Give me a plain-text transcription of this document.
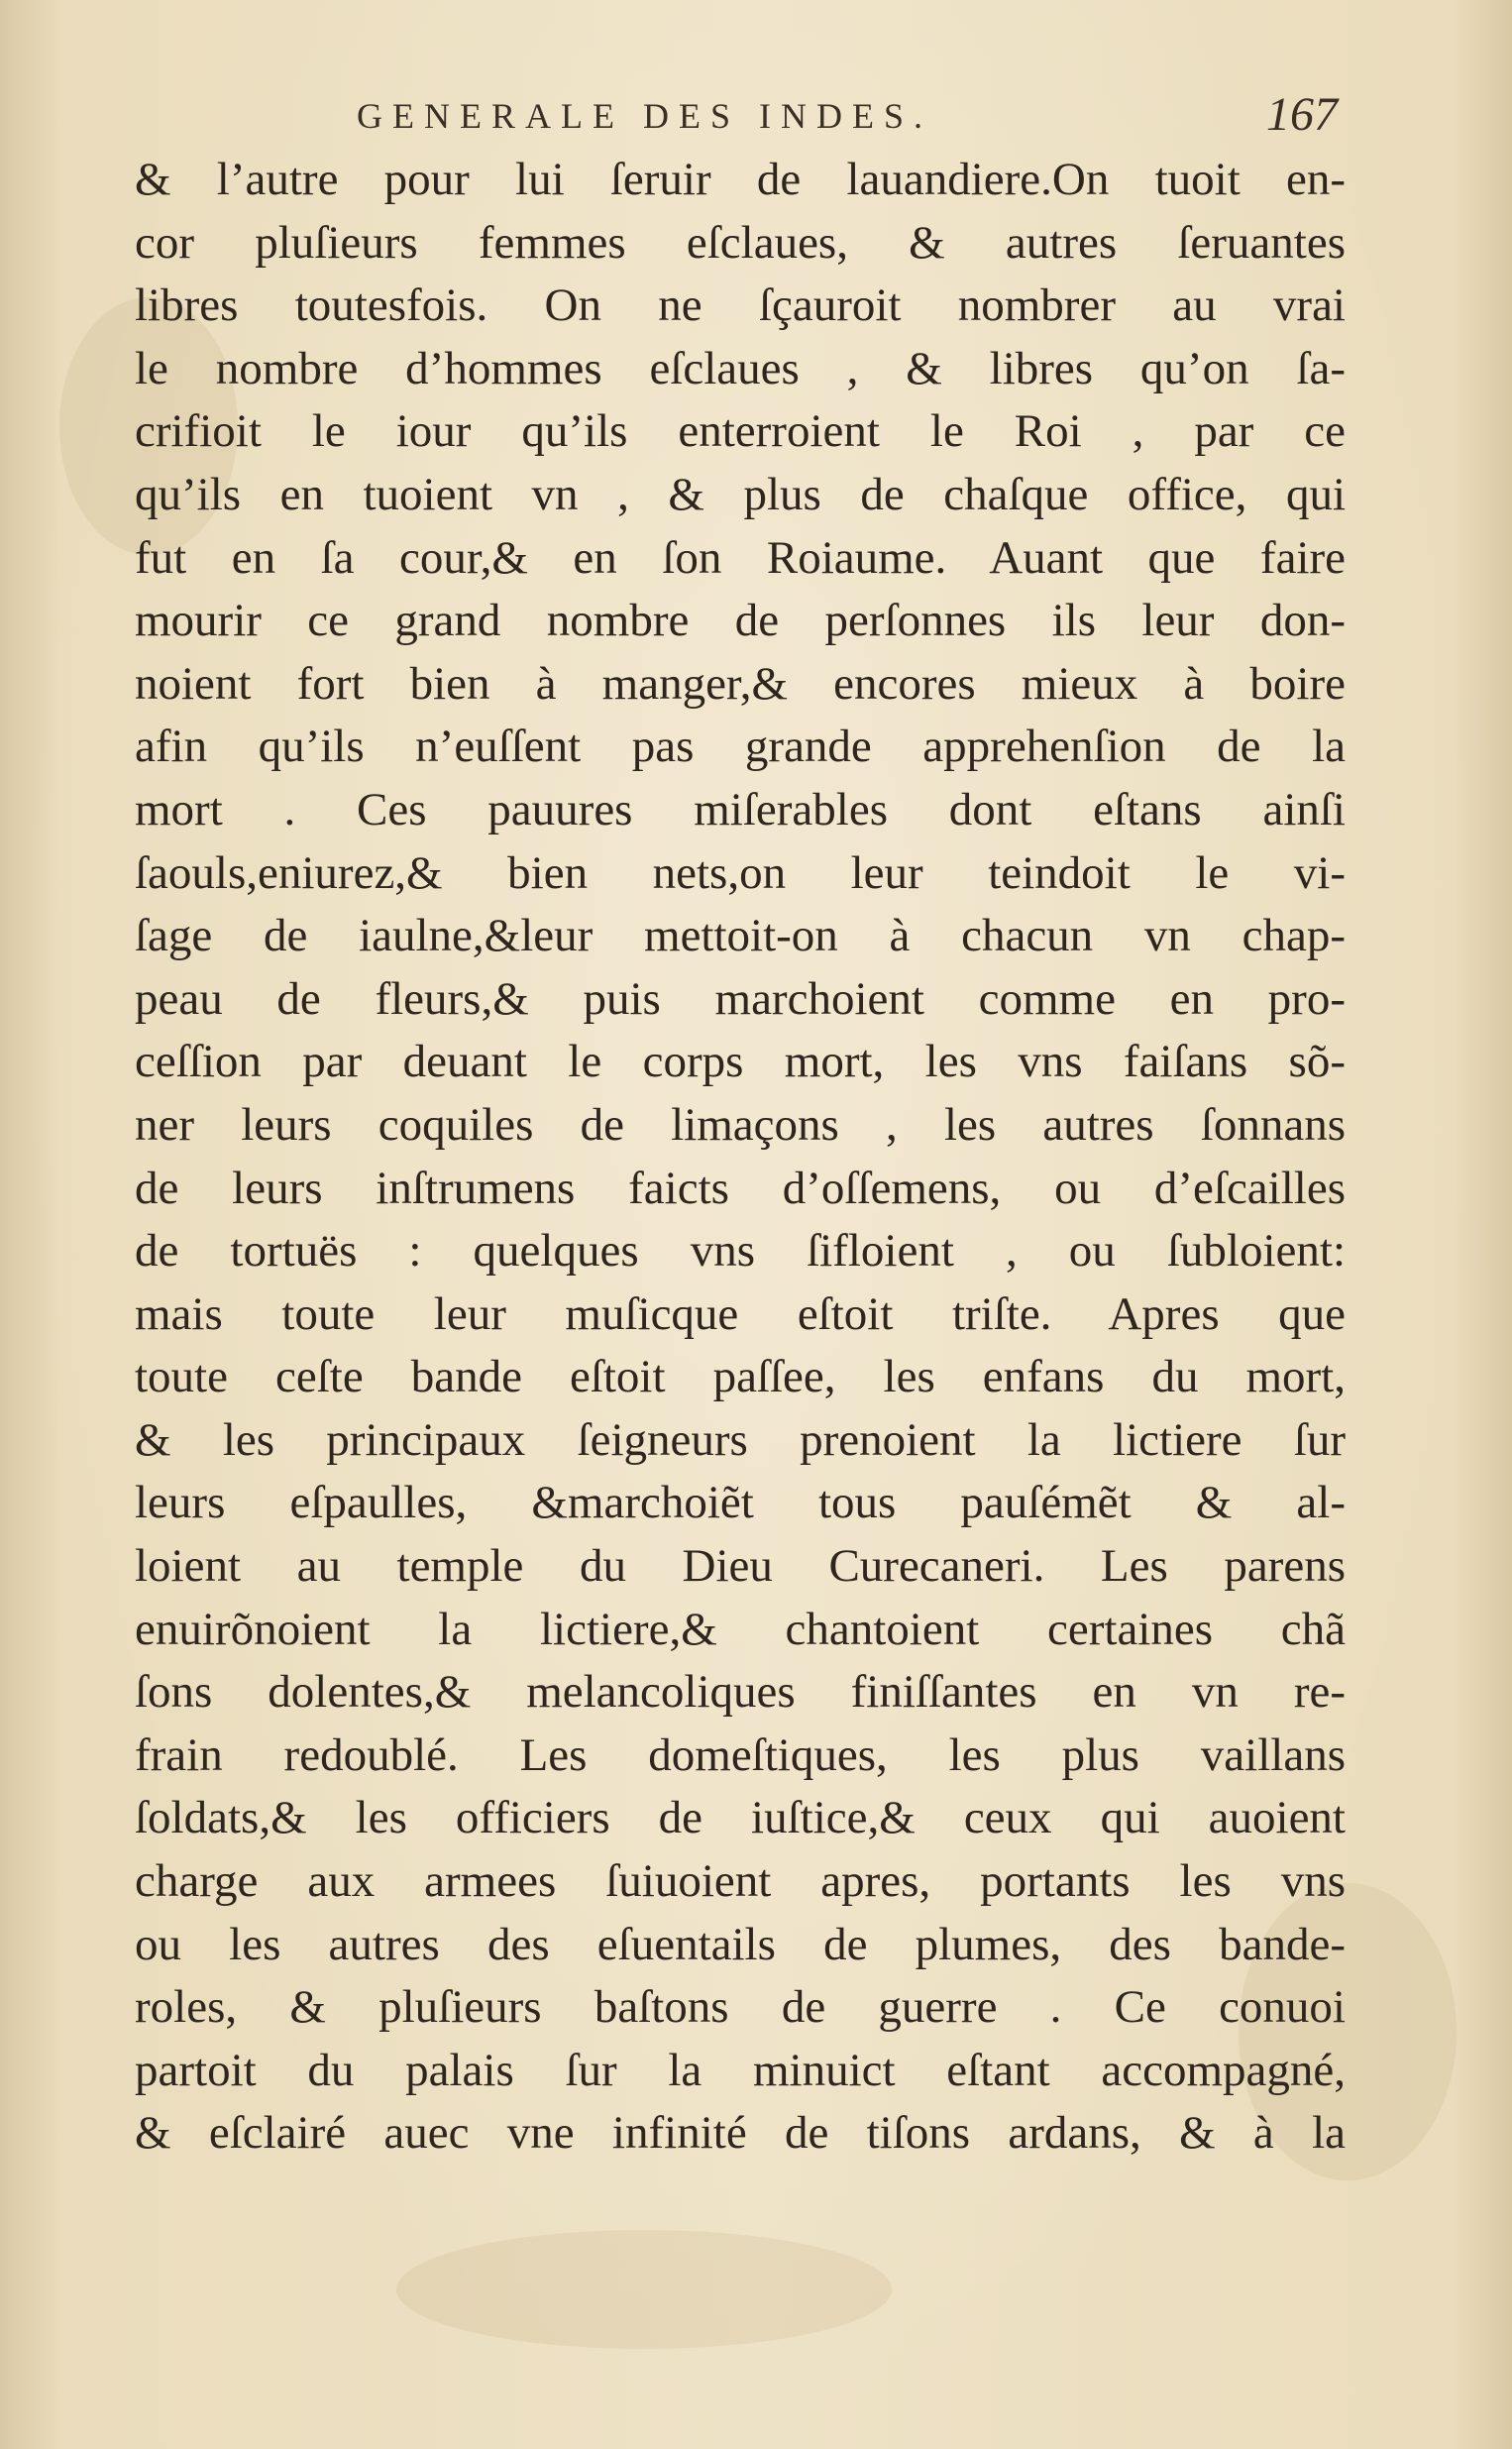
GENERALE DES INDES.	167
& l’autre pour lui ſeruir de lauandiere.On tuoit en-
cor pluſieurs femmes eſclaues, & autres ſeruantes
libres toutesfois. On ne ſçauroit nombrer au vrai
le nombre d’hommes eſclaues , & libres qu’on ſa-
crifioit le iour qu’ils enterroient le Roi , par ce
qu’ils en tuoient vn , & plus de chaſque office, qui
fut en ſa cour,& en ſon Roiaume. Auant que faire
mourir ce grand nombre de perſonnes ils leur don-
noient fort bien à manger,& encores mieux à boire
afin qu’ils n’euſſent pas grande apprehenſion de la
mort . Ces pauures miſerables dont eſtans ainſi
ſaouls,eniurez,& bien nets,on leur teindoit le vi-
ſage de iaulne,&leur mettoit-on à chacun vn chap-
peau de fleurs,& puis marchoient comme en pro-
ceſſion par deuant le corps mort, les vns faiſans sõ-
ner leurs coquiles de limaçons , les autres ſonnans
de leurs inſtrumens faicts d’oſſemens, ou d’eſcailles
de tortuës : quelques vns ſifloient , ou ſubloient:
mais toute leur muſicque eſtoit triſte. Apres que
toute ceſte bande eſtoit paſſee, les enfans du mort,
& les principaux ſeigneurs prenoient la lictiere ſur
leurs eſpaulles, &marchoiẽt tous pauſémẽt & al-
loient au temple du Dieu Curecaneri. Les parens
enuirõnoient la lictiere,& chantoient certaines chã
ſons dolentes,& melancoliques finiſſantes en vn re-
frain redoublé. Les domeſtiques, les plus vaillans
ſoldats,& les officiers de iuſtice,& ceux qui auoient
charge aux armees ſuiuoient apres, portants les vns
ou les autres des eſuentails de plumes, des bande-
roles, & pluſieurs baſtons de guerre . Ce conuoi
partoit du palais ſur la minuict eſtant accompagné,
& eſclairé auec vne infinité de tiſons ardans, & à la
